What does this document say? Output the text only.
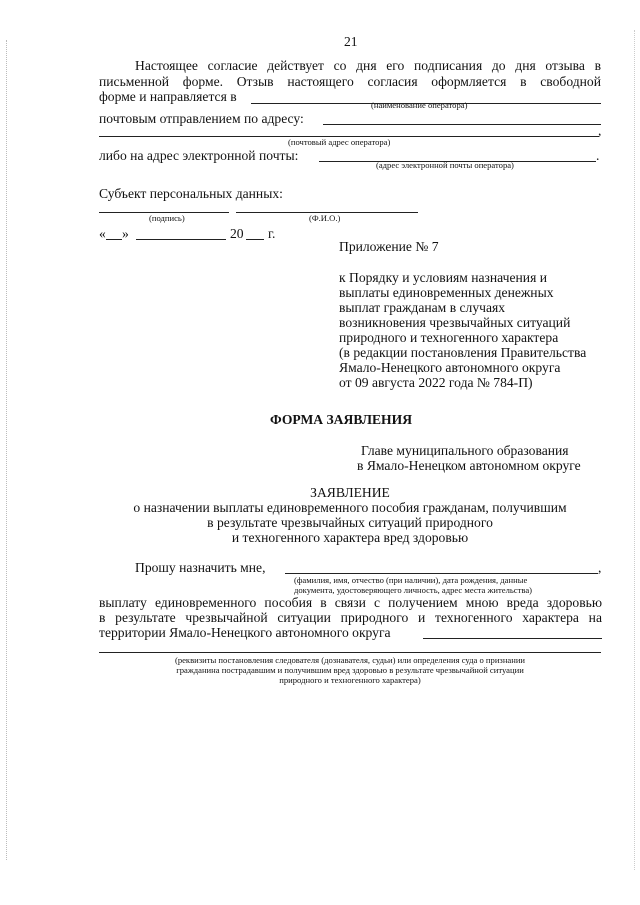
21
Настоящее согласие действует со дня его подписания до дня отзыва в
письменной форме. Отзыв настоящего согласия оформляется в свободной
форме и направляется в
(наименование оператора)
почтовым отправлением по адресу:
,
(почтовый адрес оператора)
либо на адрес электронной почты:	.
(адрес электронной почты оператора)
Субъект персональных данных:
(подпись)	(Ф.И.О.)
« »	20 г.
Приложение № 7
к Порядку и условиям назначения и
выплаты единовременных денежных
выплат гражданам в случаях
возникновения чрезвычайных ситуаций
природного и техногенного характера
(в редакции постановления Правительства
Ямало-Ненецкого автономного округа
от 09 августа 2022 года № 784-П)
ФОРМА ЗАЯВЛЕНИЯ
Главе муниципального образования
в Ямало-Ненецком автономном округе
ЗАЯВЛЕНИЕ
о назначении выплаты единовременного пособия гражданам, получившим
в результате чрезвычайных ситуаций природного
и техногенного характера вред здоровью
Прошу назначить мне,	,
(фамилия, имя, отчество (при наличии), дата рождения, данные
документа, удостоверяющего личность, адрес места жительства)
выплату единовременного пособия в связи с получением мною вреда здоровью
в результате чрезвычайной ситуации природного и техногенного характера на
территории Ямало-Ненецкого автономного округа
(реквизиты постановления следователя (дознавателя, судьи) или определения суда о признании
гражданина пострадавшим и получившим вред здоровью в результате чрезвычайной ситуации
природного и техногенного характера)
